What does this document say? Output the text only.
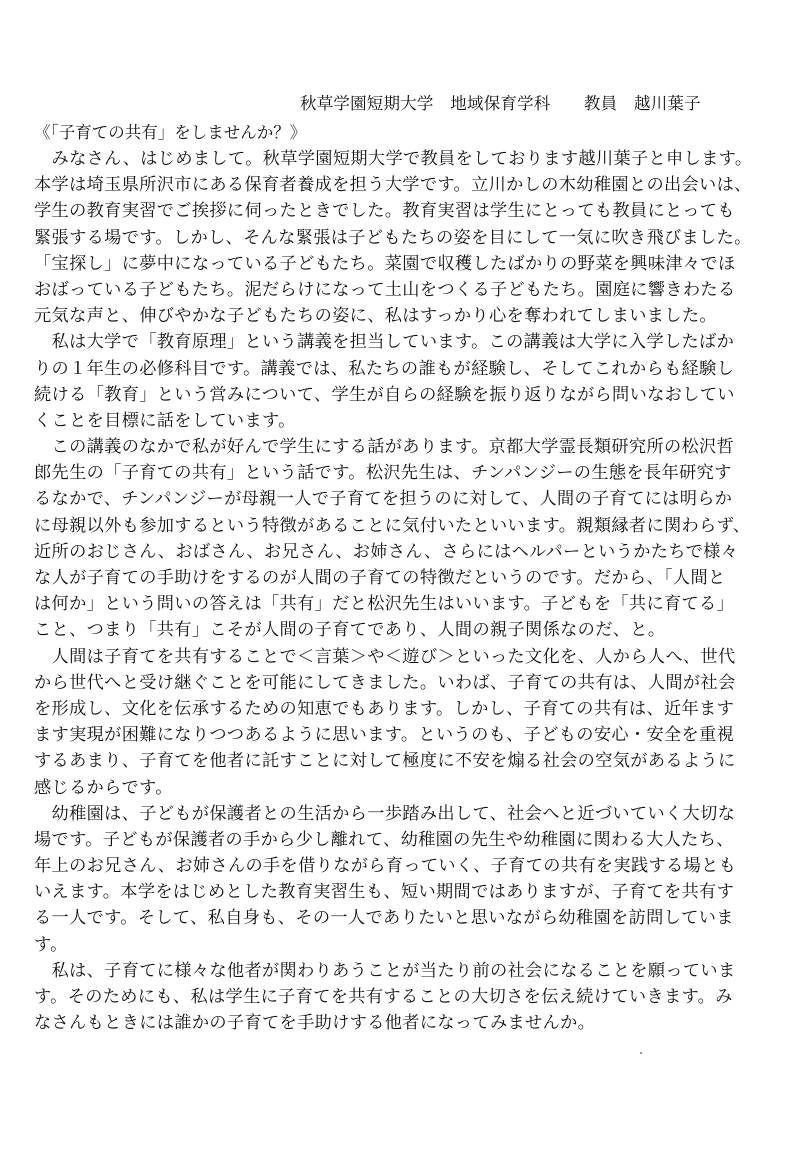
秋草学園短期大学　地域保育学科　　教員　越川葉子
《「子育ての共有」をしませんか？》
　みなさん、はじめまして。秋草学園短期大学で教員をしております越川葉子と申します。
本学は埼玉県所沢市にある保育者養成を担う大学です。立川かしの木幼稚園との出会いは、
学生の教育実習でご挨拶に伺ったときでした。教育実習は学生にとっても教員にとっても
緊張する場です。しかし、そんな緊張は子どもたちの姿を目にして一気に吹き飛びました。
「宝探し」に夢中になっている子どもたち。菜園で収穫したばかりの野菜を興味津々でほ
おばっている子どもたち。泥だらけになって土山をつくる子どもたち。園庭に響きわたる
元気な声と、伸びやかな子どもたちの姿に、私はすっかり心を奪われてしまいました。
　私は大学で「教育原理」という講義を担当しています。この講義は大学に入学したばか
りの１年生の必修科目です。講義では、私たちの誰もが経験し、そしてこれからも経験し
続ける「教育」という営みについて、学生が自らの経験を振り返りながら問いなおしてい
くことを目標に話をしています。
　この講義のなかで私が好んで学生にする話があります。京都大学霊長類研究所の松沢哲
郎先生の「子育ての共有」という話です。松沢先生は、チンパンジーの生態を長年研究す
るなかで、チンパンジーが母親一人で子育てを担うのに対して、人間の子育てには明らか
に母親以外も参加するという特徴があることに気付いたといいます。親類縁者に関わらず、
近所のおじさん、おばさん、お兄さん、お姉さん、さらにはヘルパーというかたちで様々
な人が子育ての手助けをするのが人間の子育ての特徴だというのです。だから、「人間と
は何か」という問いの答えは「共有」だと松沢先生はいいます。子どもを「共に育てる」
こと、つまり「共有」こそが人間の子育てであり、人間の親子関係なのだ、と。
　人間は子育てを共有することで＜言葉＞や＜遊び＞といった文化を、人から人へ、世代
から世代へと受け継ぐことを可能にしてきました。いわば、子育ての共有は、人間が社会
を形成し、文化を伝承するための知恵でもあります。しかし、子育ての共有は、近年ます
ます実現が困難になりつつあるように思います。というのも、子どもの安心・安全を重視
するあまり、子育てを他者に託すことに対して極度に不安を煽る社会の空気があるように
感じるからです。
　幼稚園は、子どもが保護者との生活から一歩踏み出して、社会へと近づいていく大切な
場です。子どもが保護者の手から少し離れて、幼稚園の先生や幼稚園に関わる大人たち、
年上のお兄さん、お姉さんの手を借りながら育っていく、子育ての共有を実践する場とも
いえます。本学をはじめとした教育実習生も、短い期間ではありますが、子育てを共有す
る一人です。そして、私自身も、その一人でありたいと思いながら幼稚園を訪問していま
す。
　私は、子育てに様々な他者が関わりあうことが当たり前の社会になることを願っていま
す。そのためにも、私は学生に子育てを共有することの大切さを伝え続けていきます。み
なさんもときには誰かの子育てを手助けする他者になってみませんか。
